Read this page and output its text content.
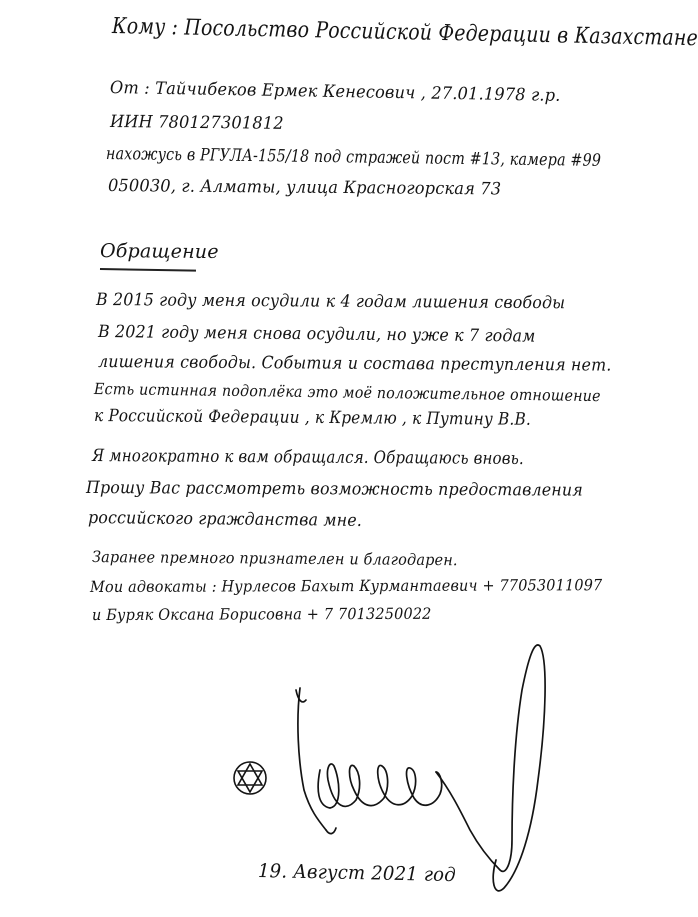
Кому : Посольство Российской Федерации в Казахстане
От : Тайчибеков Ермек Кенесович , 27.01.1978 г.р.
ИИН 780127301812
нахожусь в РГУЛА-155/18 под стражей пост #13, камера #99
050030, г. Алматы, улица Красногорская 73
Обращение
В 2015 году меня осудили к 4 годам лишения свободы
В 2021 году меня снова осудили, но уже к 7 годам
лишения свободы. События и состава преступления нет.
Есть истинная подоплёка это моё положительное отношение
к Российской Федерации , к Кремлю , к Путину В.В.
Я многократно к вам обращался. Обращаюсь вновь.
Прошу Вас рассмотреть возможность предоставления
российского гражданства мне.
Заранее премного признателен и благодарен.
Мои адвокаты : Нурлесов Бахыт Курмантаевич + 77053011097
и Буряк Оксана Борисовна + 7 7013250022
19. Август 2021 год
